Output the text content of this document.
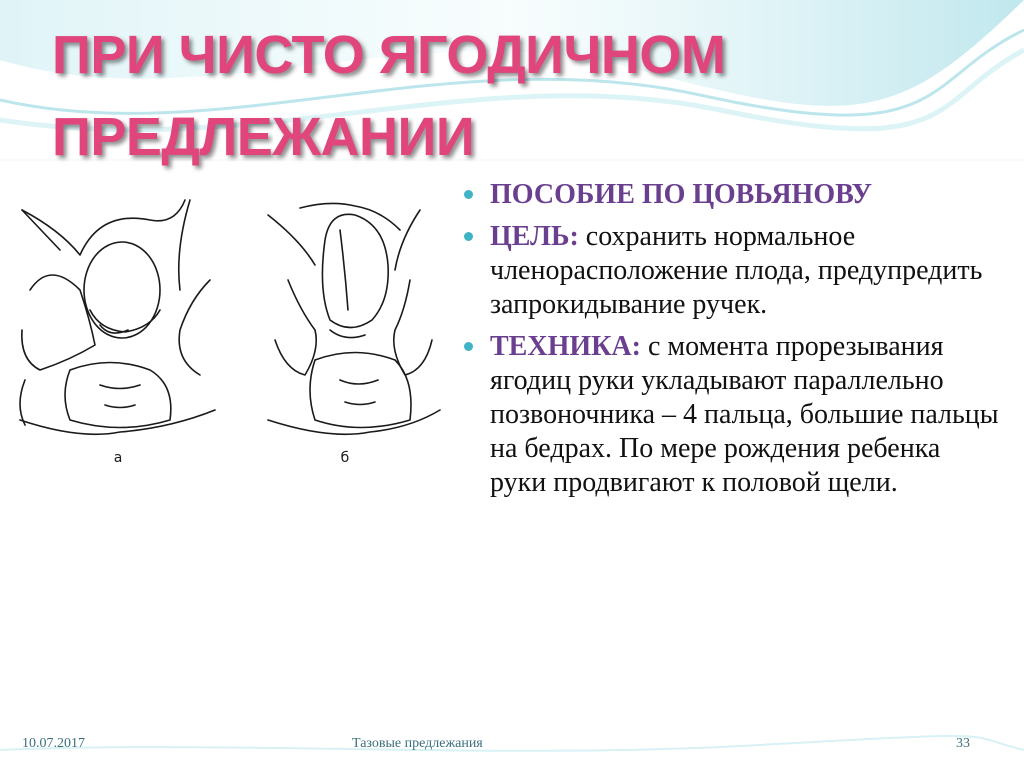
ПРИ ЧИСТО ЯГОДИЧНОМ
ПРЕДЛЕЖАНИИ
а	б
ПОСОБИЕ ПО ЦОВЬЯНОВУ
ЦЕЛЬ: сохранить нормальное членорасположение плода, предупредить запрокидывание ручек.
ТЕХНИКА: с момента прорезывания ягодиц руки укладывают параллельно позвоночника – 4 пальца, большие пальцы на бедрах. По мере рождения ребенка руки продвигают к половой щели.
10.07.2017	Тазовые предлежания	33
